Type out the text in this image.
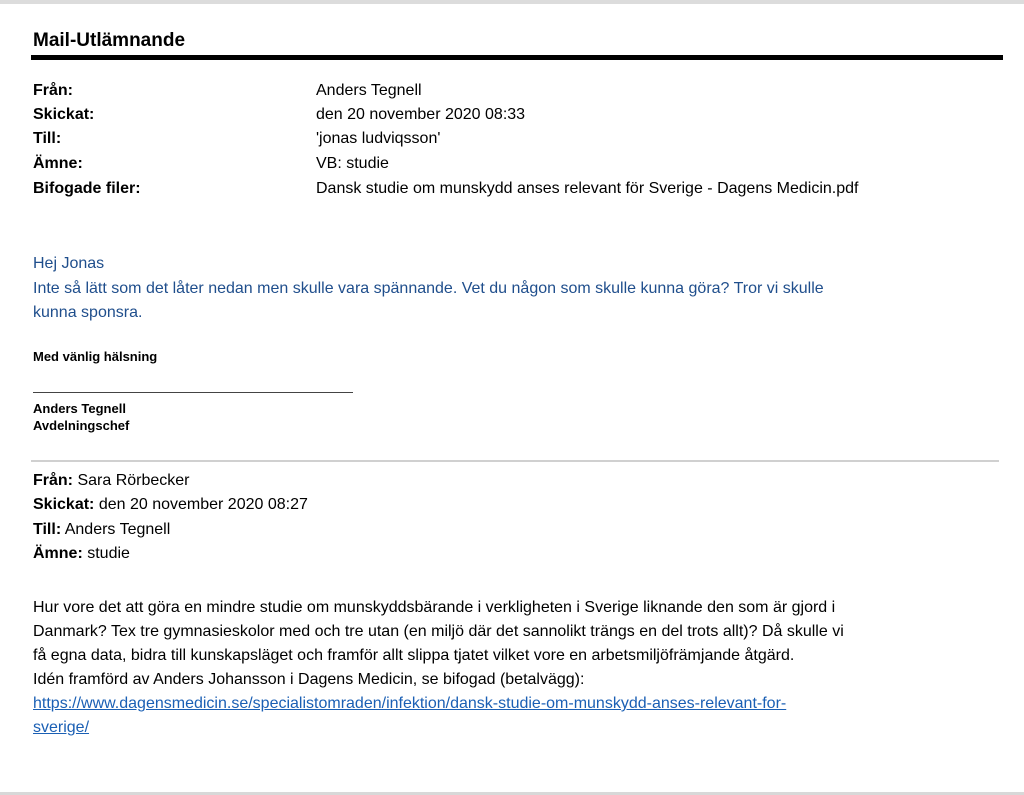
Mail-Utlämnande
Från:	Anders Tegnell
Skickat:	den 20 november 2020 08:33
Till:	'jonas ludviqsson'
Ämne:	VB: studie
Bifogade filer:	Dansk studie om munskydd anses relevant för Sverige - Dagens Medicin.pdf
Hej Jonas
Inte så lätt som det låter nedan men skulle vara spännande. Vet du någon som skulle kunna göra? Tror vi skulle
kunna sponsra.
Med vänlig hälsning
Anders Tegnell
Avdelningschef
Från: Sara Rörbecker
Skickat: den 20 november 2020 08:27
Till: Anders Tegnell
Ämne: studie
Hur vore det att göra en mindre studie om munskyddsbärande i verkligheten i Sverige liknande den som är gjord i
Danmark? Tex tre gymnasieskolor med och tre utan (en miljö där det sannolikt trängs en del trots allt)? Då skulle vi
få egna data, bidra till kunskapsläget och framför allt slippa tjatet vilket vore en arbetsmiljöfrämjande åtgärd.
Idén framförd av Anders Johansson i Dagens Medicin, se bifogad (betalvägg):
https://www.dagensmedicin.se/specialistomraden/infektion/dansk-studie-om-munskydd-anses-relevant-for-
sverige/
